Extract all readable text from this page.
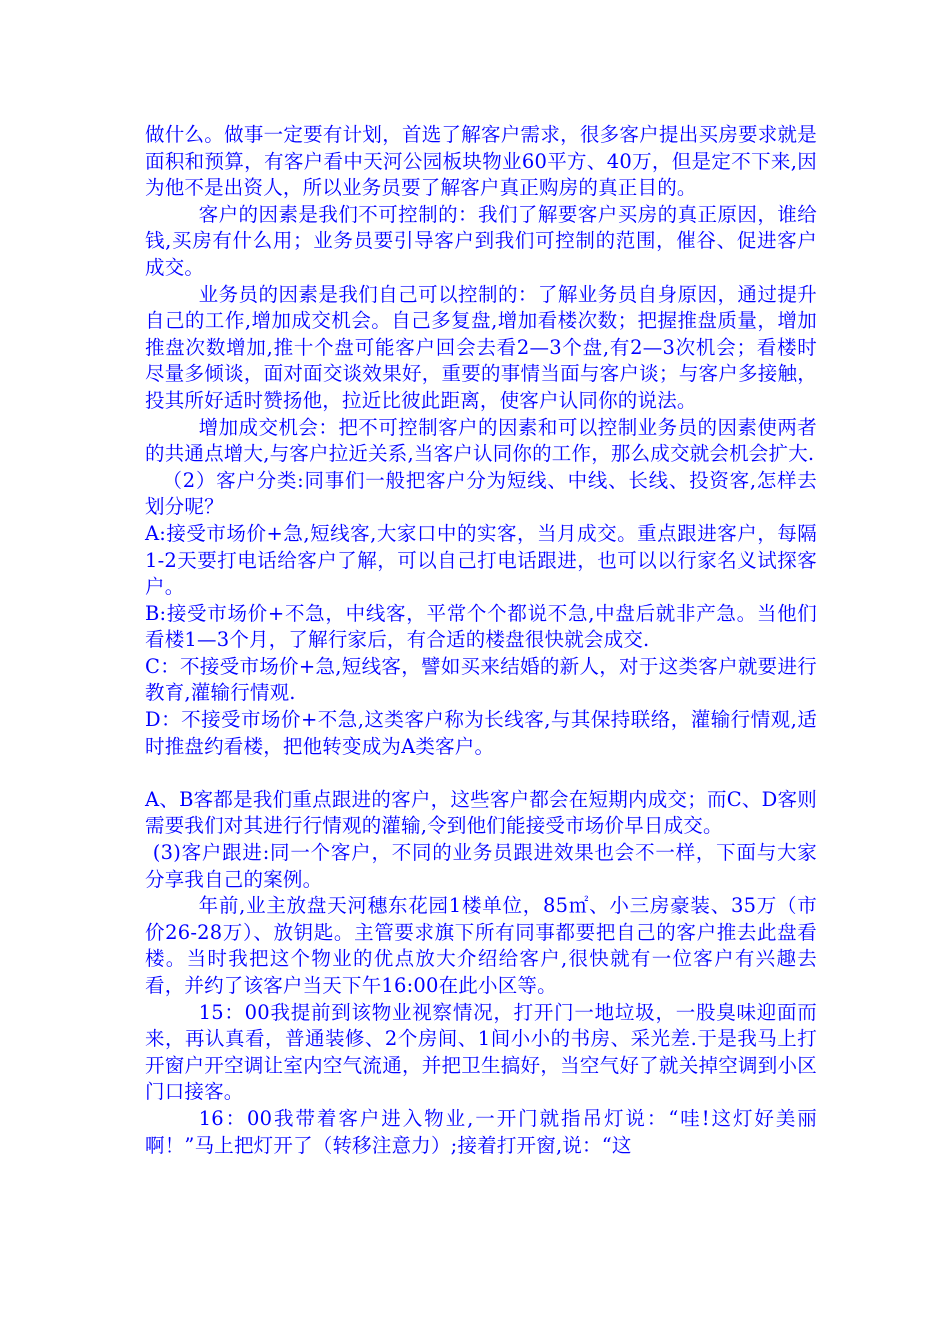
做什么。做事一定要有计划，首选了解客户需求，很多客户提出买房要求就是面积和预算，有客户看中天河公园板块物业60平方、40万，但是定不下来,因为他不是出资人，所以业务员要了解客户真正购房的真正目的。

客户的因素是我们不可控制的：我们了解要客户买房的真正原因，谁给钱,买房有什么用；业务员要引导客户到我们可控制的范围，催谷、促进客户成交。

业务员的因素是我们自己可以控制的：了解业务员自身原因，通过提升自己的工作,增加成交机会。自己多复盘,增加看楼次数；把握推盘质量，增加推盘次数增加,推十个盘可能客户回会去看2—3个盘,有2—3次机会；看楼时尽量多倾谈，面对面交谈效果好，重要的事情当面与客户谈；与客户多接触，投其所好适时赞扬他，拉近比彼此距离，使客户认同你的说法。

增加成交机会：把不可控制客户的因素和可以控制业务员的因素使两者的共通点增大,与客户拉近关系,当客户认同你的工作，那么成交就会机会扩大.

（2）客户分类:同事们一般把客户分为短线、中线、长线、投资客,怎样去划分呢？

A:接受市场价+急,短线客,大家口中的实客，当月成交。重点跟进客户，每隔1-2天要打电话给客户了解，可以自己打电话跟进，也可以以行家名义试探客户。

B:接受市场价+不急，中线客，平常个个都说不急,中盘后就非产急。当他们看楼1—3个月，了解行家后，有合适的楼盘很快就会成交.

C：不接受市场价+急,短线客，譬如买来结婚的新人，对于这类客户就要进行教育,灌输行情观.

D：不接受市场价+不急,这类客户称为长线客,与其保持联络，灌输行情观,适时推盘约看楼，把他转变成为A类客户。

A、B客都是我们重点跟进的客户，这些客户都会在短期内成交；而C、D客则需要我们对其进行行情观的灌输,令到他们能接受市场价早日成交。

(3)客户跟进:同一个客户，不同的业务员跟进效果也会不一样，下面与大家分享我自己的案例。

年前,业主放盘天河穗东花园1楼单位，85㎡、小三房豪装、35万（市价26-28万）、放钥匙。主管要求旗下所有同事都要把自己的客户推去此盘看楼。当时我把这个物业的优点放大介绍给客户,很快就有一位客户有兴趣去看，并约了该客户当天下午16:00在此小区等。

15：00我提前到该物业视察情况，打开门一地垃圾，一股臭味迎面而来，再认真看，普通装修、2个房间、1间小小的书房、采光差.于是我马上打开窗户开空调让室内空气流通，并把卫生搞好，当空气好了就关掉空调到小区门口接客。

16：00我带着客户进入物业,一开门就指吊灯说：“哇!这灯好美丽啊！”马上把灯开了（转移注意力）;接着打开窗,说：“这
